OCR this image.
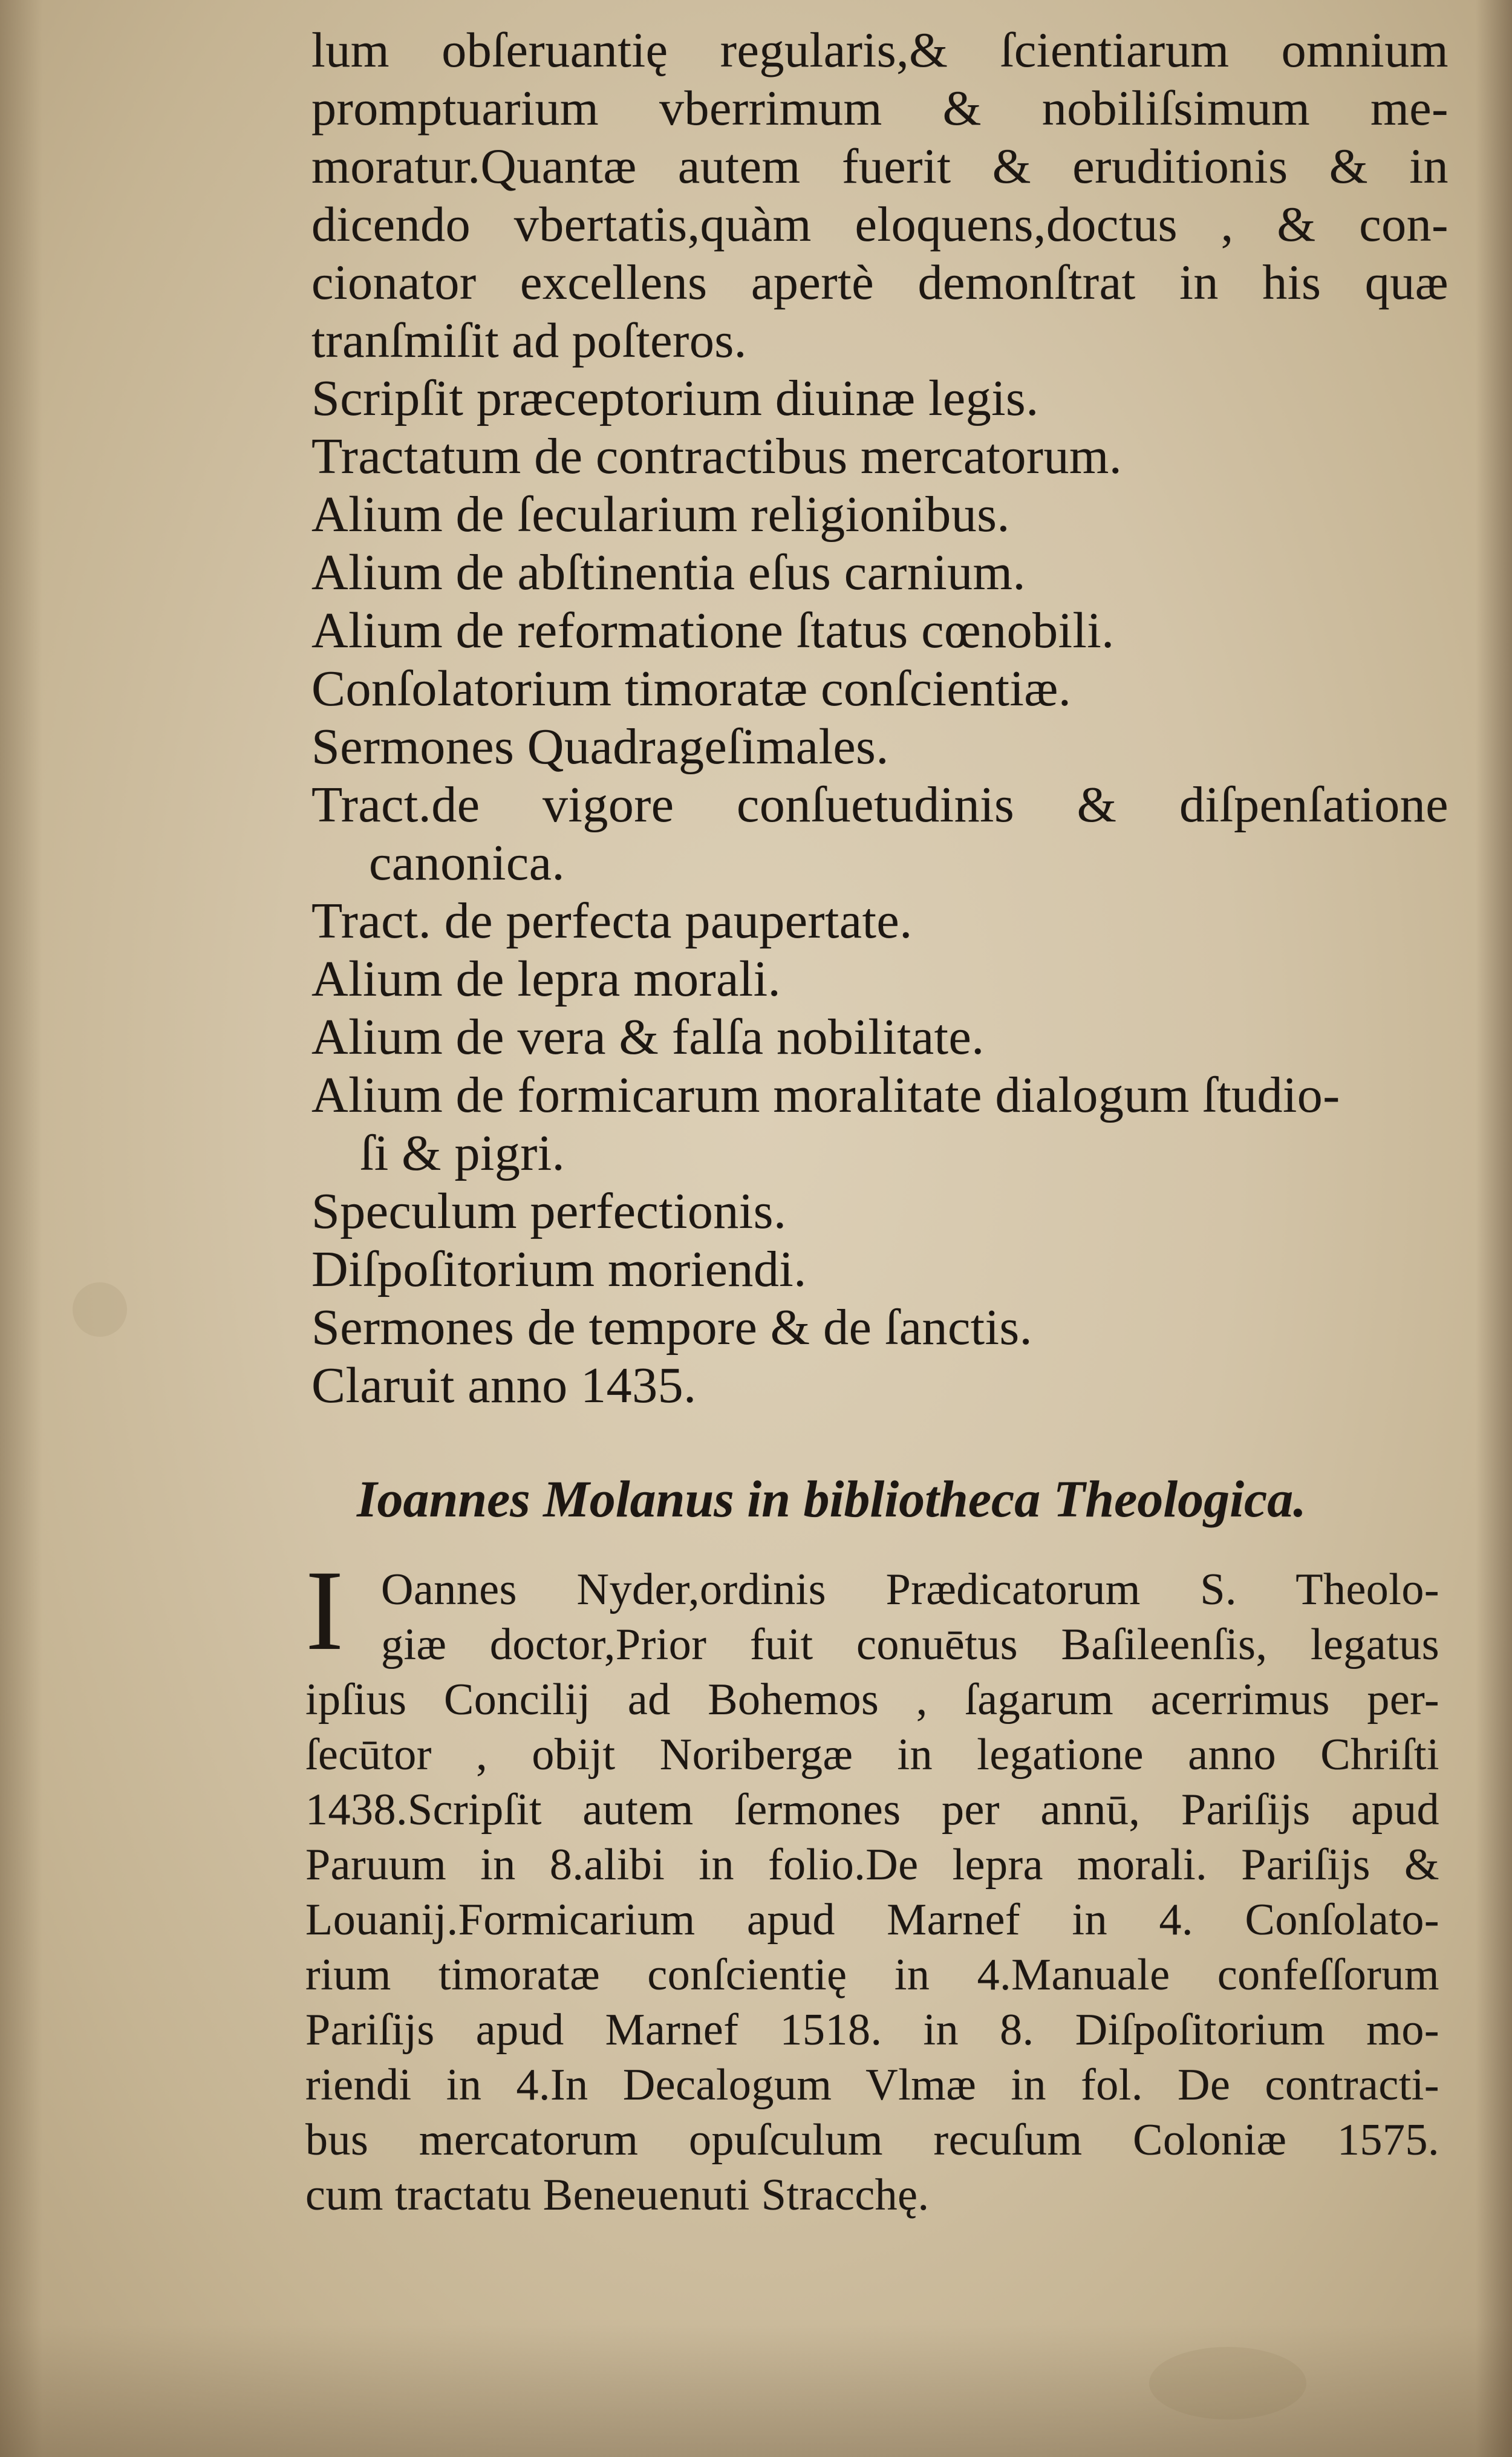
lum obſeruantię regularis,& ſcientiarum omnium
promptuarium vberrimum & nobiliſsimum me-
moratur.Quantæ autem fuerit & eruditionis & in
dicendo vbertatis,quàm eloquens,doctus , & con-
cionator excellens apertè demonſtrat in his quæ
tranſmiſit ad poſteros.
Scripſit præceptorium diuinæ legis.
Tractatum de contractibus mercatorum.
Alium de ſecularium religionibus.
Alium de abſtinentia eſus carnium.
Alium de reformatione ſtatus cœnobili.
Conſolatorium timoratæ conſcientiæ.
Sermones Quadrageſimales.
Tract.de vigore conſuetudinis & diſpenſatione
canonica.
Tract. de perfecta paupertate.
Alium de lepra morali.
Alium de vera & falſa nobilitate.
Alium de formicarum moralitate dialogum ſtudio-
ſi & pigri.
Speculum perfectionis.
Diſpoſitorium moriendi.
Sermones de tempore & de ſanctis.
Claruit anno 1435.
Ioannes Molanus in bibliotheca Theologica.
I Oannes Nyder,ordinis Prædicatorum S. Theolo-
giæ doctor,Prior fuit conuētus Baſileenſis, legatus
ipſius Concilij ad Bohemos , ſagarum acerrimus per-
ſecūtor , obijt Noribergæ in legatione anno Chriſti
1438.Scripſit autem ſermones per annū, Pariſijs apud
Paruum in 8.alibi in folio.De lepra morali. Pariſijs &
Louanij.Formicarium apud Marnef in 4. Conſolato-
rium timoratæ conſcientię in 4.Manuale confeſſorum
Pariſijs apud Marnef 1518. in 8. Diſpoſitorium mo-
riendi in 4.In Decalogum Vlmæ in fol. De contracti-
bus mercatorum opuſculum recuſum Coloniæ 1575.
cum tractatu Beneuenuti Stracchę.
